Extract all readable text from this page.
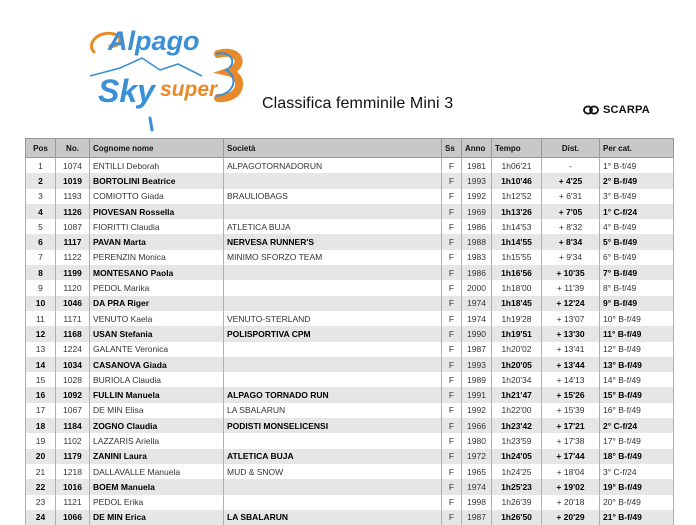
Alpago
Sky super
Classifica femminile Mini 3	SCARPA
Pos	No.	Cognome nome	Società	Ss	Anno	Tempo	Dist.	Per cat.
1	1074	ENTILLI Deborah	ALPAGOTORNADORUN	F	1981	1h06'21	-	1° B-f/49
2	1019	BORTOLINI Beatrice		F	1993	1h10'46	+ 4'25	2° B-f/49
3	1193	COMIOTTO Giada	BRAULIOBAGS	F	1992	1h12'52	+ 6'31	3° B-f/49
4	1126	PIOVESAN Rossella		F	1969	1h13'26	+ 7'05	1° C-f/24
5	1087	FIORITTI Claudia	ATLETICA BUJA	F	1986	1h14'53	+ 8'32	4° B-f/49
6	1117	PAVAN Marta	NERVESA RUNNER'S	F	1988	1h14'55	+ 8'34	5° B-f/49
7	1122	PERENZIN Monica	MINIMO SFORZO TEAM	F	1983	1h15'55	+ 9'34	6° B-f/49
8	1199	MONTESANO Paola		F	1986	1h16'56	+ 10'35	7° B-f/49
9	1120	PEDOL Marika		F	2000	1h18'00	+ 11'39	8° B-f/49
10	1046	DA PRA Riger		F	1974	1h18'45	+ 12'24	9° B-f/49
11	1171	VENUTO Kaela	VENUTO-STERLAND	F	1974	1h19'28	+ 13'07	10° B-f/49
12	1168	USAN Stefania	POLISPORTIVA CPM	F	1990	1h19'51	+ 13'30	11° B-f/49
13	1224	GALANTE Veronica		F	1987	1h20'02	+ 13'41	12° B-f/49
14	1034	CASANOVA Giada		F	1993	1h20'05	+ 13'44	13° B-f/49
15	1028	BURIOLA Claudia		F	1989	1h20'34	+ 14'13	14° B-f/49
16	1092	FULLIN Manuela	ALPAGO TORNADO RUN	F	1991	1h21'47	+ 15'26	15° B-f/49
17	1067	DE MIN Elisa	LA SBALARUN	F	1992	1h22'00	+ 15'39	16° B-f/49
18	1184	ZOGNO Claudia	PODISTI MONSELICENSI	F	1966	1h23'42	+ 17'21	2° C-f/24
19	1102	LAZZARIS Ariella		F	1980	1h23'59	+ 17'38	17° B-f/49
20	1179	ZANINI Laura	ATLETICA BUJA	F	1972	1h24'05	+ 17'44	18° B-f/49
21	1218	DALLAVALLE Manuela	MUD & SNOW	F	1965	1h24'25	+ 18'04	3° C-f/24
22	1016	BOEM Manuela		F	1974	1h25'23	+ 19'02	19° B-f/49
23	1121	PEDOL Erika		F	1998	1h26'39	+ 20'18	20° B-f/49
24	1066	DE MIN Erica	LA SBALARUN	F	1987	1h26'50	+ 20'29	21° B-f/49
